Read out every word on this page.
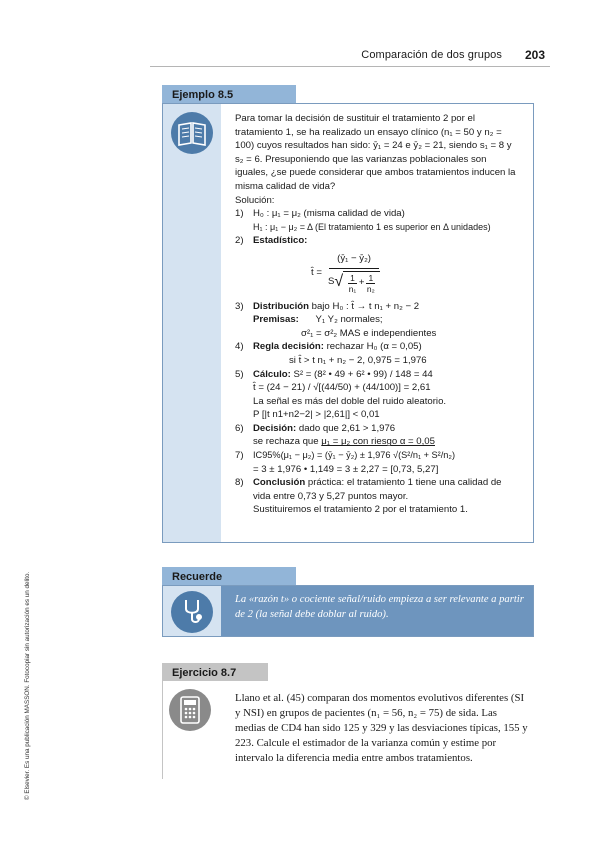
Comparación de dos grupos 203
© Elsevier. Es una publicación MASSON. Fotocopiar sin autorización es un delito.
Ejemplo 8.5

Para tomar la decisión de sustituir el tratamiento 2 por el tratamiento 1, se ha realizado un ensayo clínico (n₁ = 50 y n₂ = 100) cuyos resultados han sido: ȳ₁ = 24 e ȳ₂ = 21, siendo s₁ = 8 y s₂ = 6. Presuponiendo que las varianzas poblacionales son iguales, ¿se puede considerar que ambos tratamientos inducen la misma calidad de vida?

Solución:

1) H₀ : μ₁ = μ₂ (misma calidad de vida)
H₁ : μ₁ − μ₂ = Δ (El tratamiento 1 es superior en Δ unidades)
2) Estadístico:
t̂ =
(ȳ₁ − ȳ₂)
S √ 1
n₁
+ $\frac{1}{\text{n₂}}$
3) Distribución bajo H₀ : t̂ → t n₁ + n₂ − 2
Premisas: Y₁ Y₂ normales;
σ²₁ = σ²₂ MAS e independientes
4) Regla decisión: rechazar H₀ (α = 0,05)
si t̂ > t n₁ + n₂ − 2, 0,975 = 1,976
5) Cálculo: S² = (8² • 49 + 6² • 99) / 148 = 44
t̂ = (24 − 21) / √[(44/50) + (44/100)] = 2,61
La señal es más del doble del ruido aleatorio.
P [|t n1+n2−2| > |2,61|] < 0,01
6) Decisión: dado que 2,61 > 1,976
se rechaza que μ₁ = μ₂ con riesgo α = 0,05
7)	IC95%(μ₁ − μ₂) = (ȳ₁ − ȳ₂) ± 1,976 √(S²/n₁ + S²/n₂)
= 3 ± 1,976 • 1,149 = 3 ± 2,27 = [0,73, 5,27]
8) Conclusión práctica: el tratamiento 1 tiene una calidad de vida entre 0,73 y 5,27 puntos mayor.
Sustituiremos el tratamiento 2 por el tratamiento 1.
Recuerde
La «razón t» o cociente señal/ruido empieza a ser relevante a partir de 2 (la señal debe doblar al ruido).
Ejercicio 8.7
Llano et al. (45) comparan dos momentos evolutivos diferentes (SI y NSI) en grupos de pacientes (n₁ = 56, n₂ = 75) de sida. Las medias de CD4 han sido 125 y 329 y las desviaciones típicas, 155 y 223. Calcule el estimador de la varianza común y estime por intervalo la diferencia media entre ambos tratamientos.
